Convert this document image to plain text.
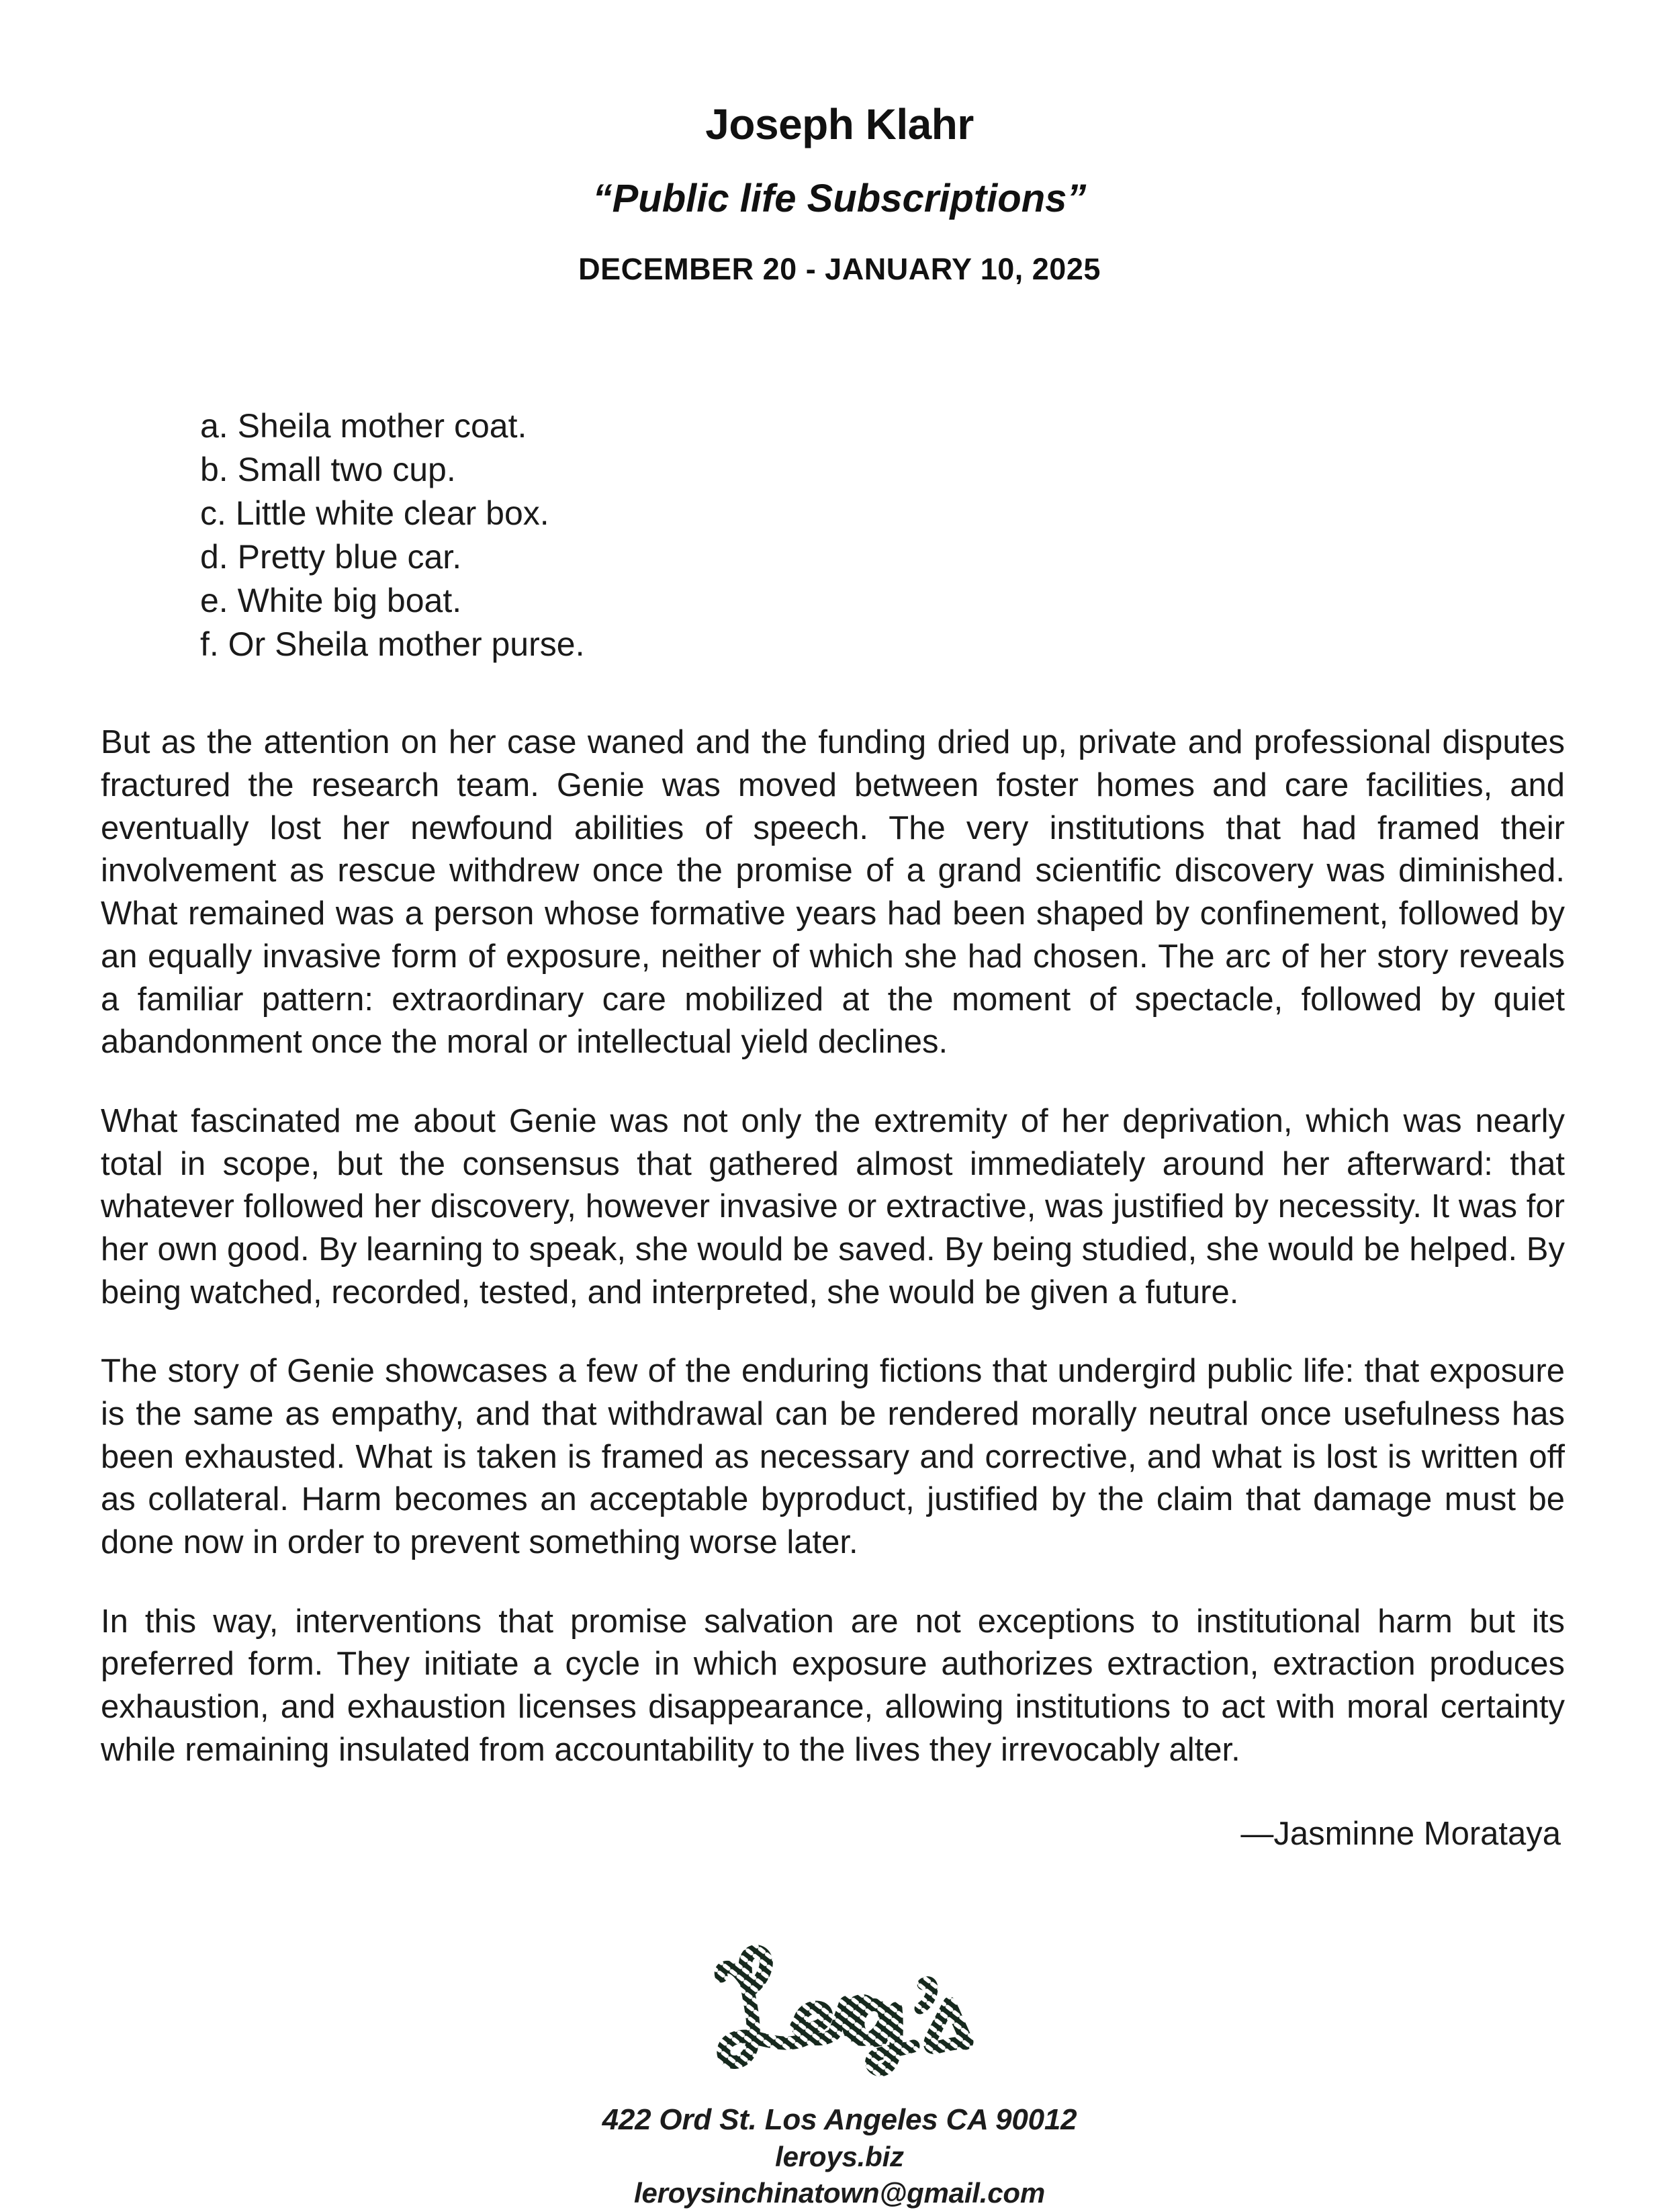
Joseph Klahr
“Public life Subscriptions”
DECEMBER 20 - JANUARY 10, 2025
a. Sheila mother coat.
b. Small two cup.
c. Little white clear box.
d. Pretty blue car.
e. White big boat.
f. Or Sheila mother purse.

But as the attention on her case waned and the funding dried up, private and professional disputes fractured the research team. Genie was moved between foster homes and care facilities, and eventually lost her newfound abilities of speech. The very institutions that had framed their involvement as rescue withdrew once the promise of a grand scientific discovery was diminished. What remained was a person whose formative years had been shaped by confinement, followed by an equally invasive form of exposure, neither of which she had chosen. The arc of her story reveals a familiar pattern: extraordinary care mobilized at the moment of spectacle, followed by quiet abandonment once the moral or intellectual yield declines.

What fascinated me about Genie was not only the extremity of her deprivation, which was nearly total in scope, but the consensus that gathered almost immediately around her afterward: that whatever followed her discovery, however invasive or extractive, was justified by necessity. It was for her own good. By learning to speak, she would be saved. By being studied, she would be helped. By being watched, recorded, tested, and interpreted, she would be given a future.

The story of Genie showcases a few of the enduring fictions that undergird public life: that exposure is the same as empathy, and that withdrawal can be rendered morally neutral once usefulness has been exhausted. What is taken is framed as necessary and corrective, and what is lost is written off as collateral. Harm becomes an acceptable byproduct, justified by the claim that damage must be done now in order to prevent something worse later.

In this way, interventions that promise salvation are not exceptions to institutional harm but its preferred form. They initiate a cycle in which exposure authorizes extraction, extraction produces exhaustion, and exhaustion licenses disappearance, allowing institutions to act with moral certainty while remaining insulated from accountability to the lives they irrevocably alter.

—Jasminne Morataya
422 Ord St. Los Angeles CA 90012
leroys.biz
leroysinchinatown@gmail.com
